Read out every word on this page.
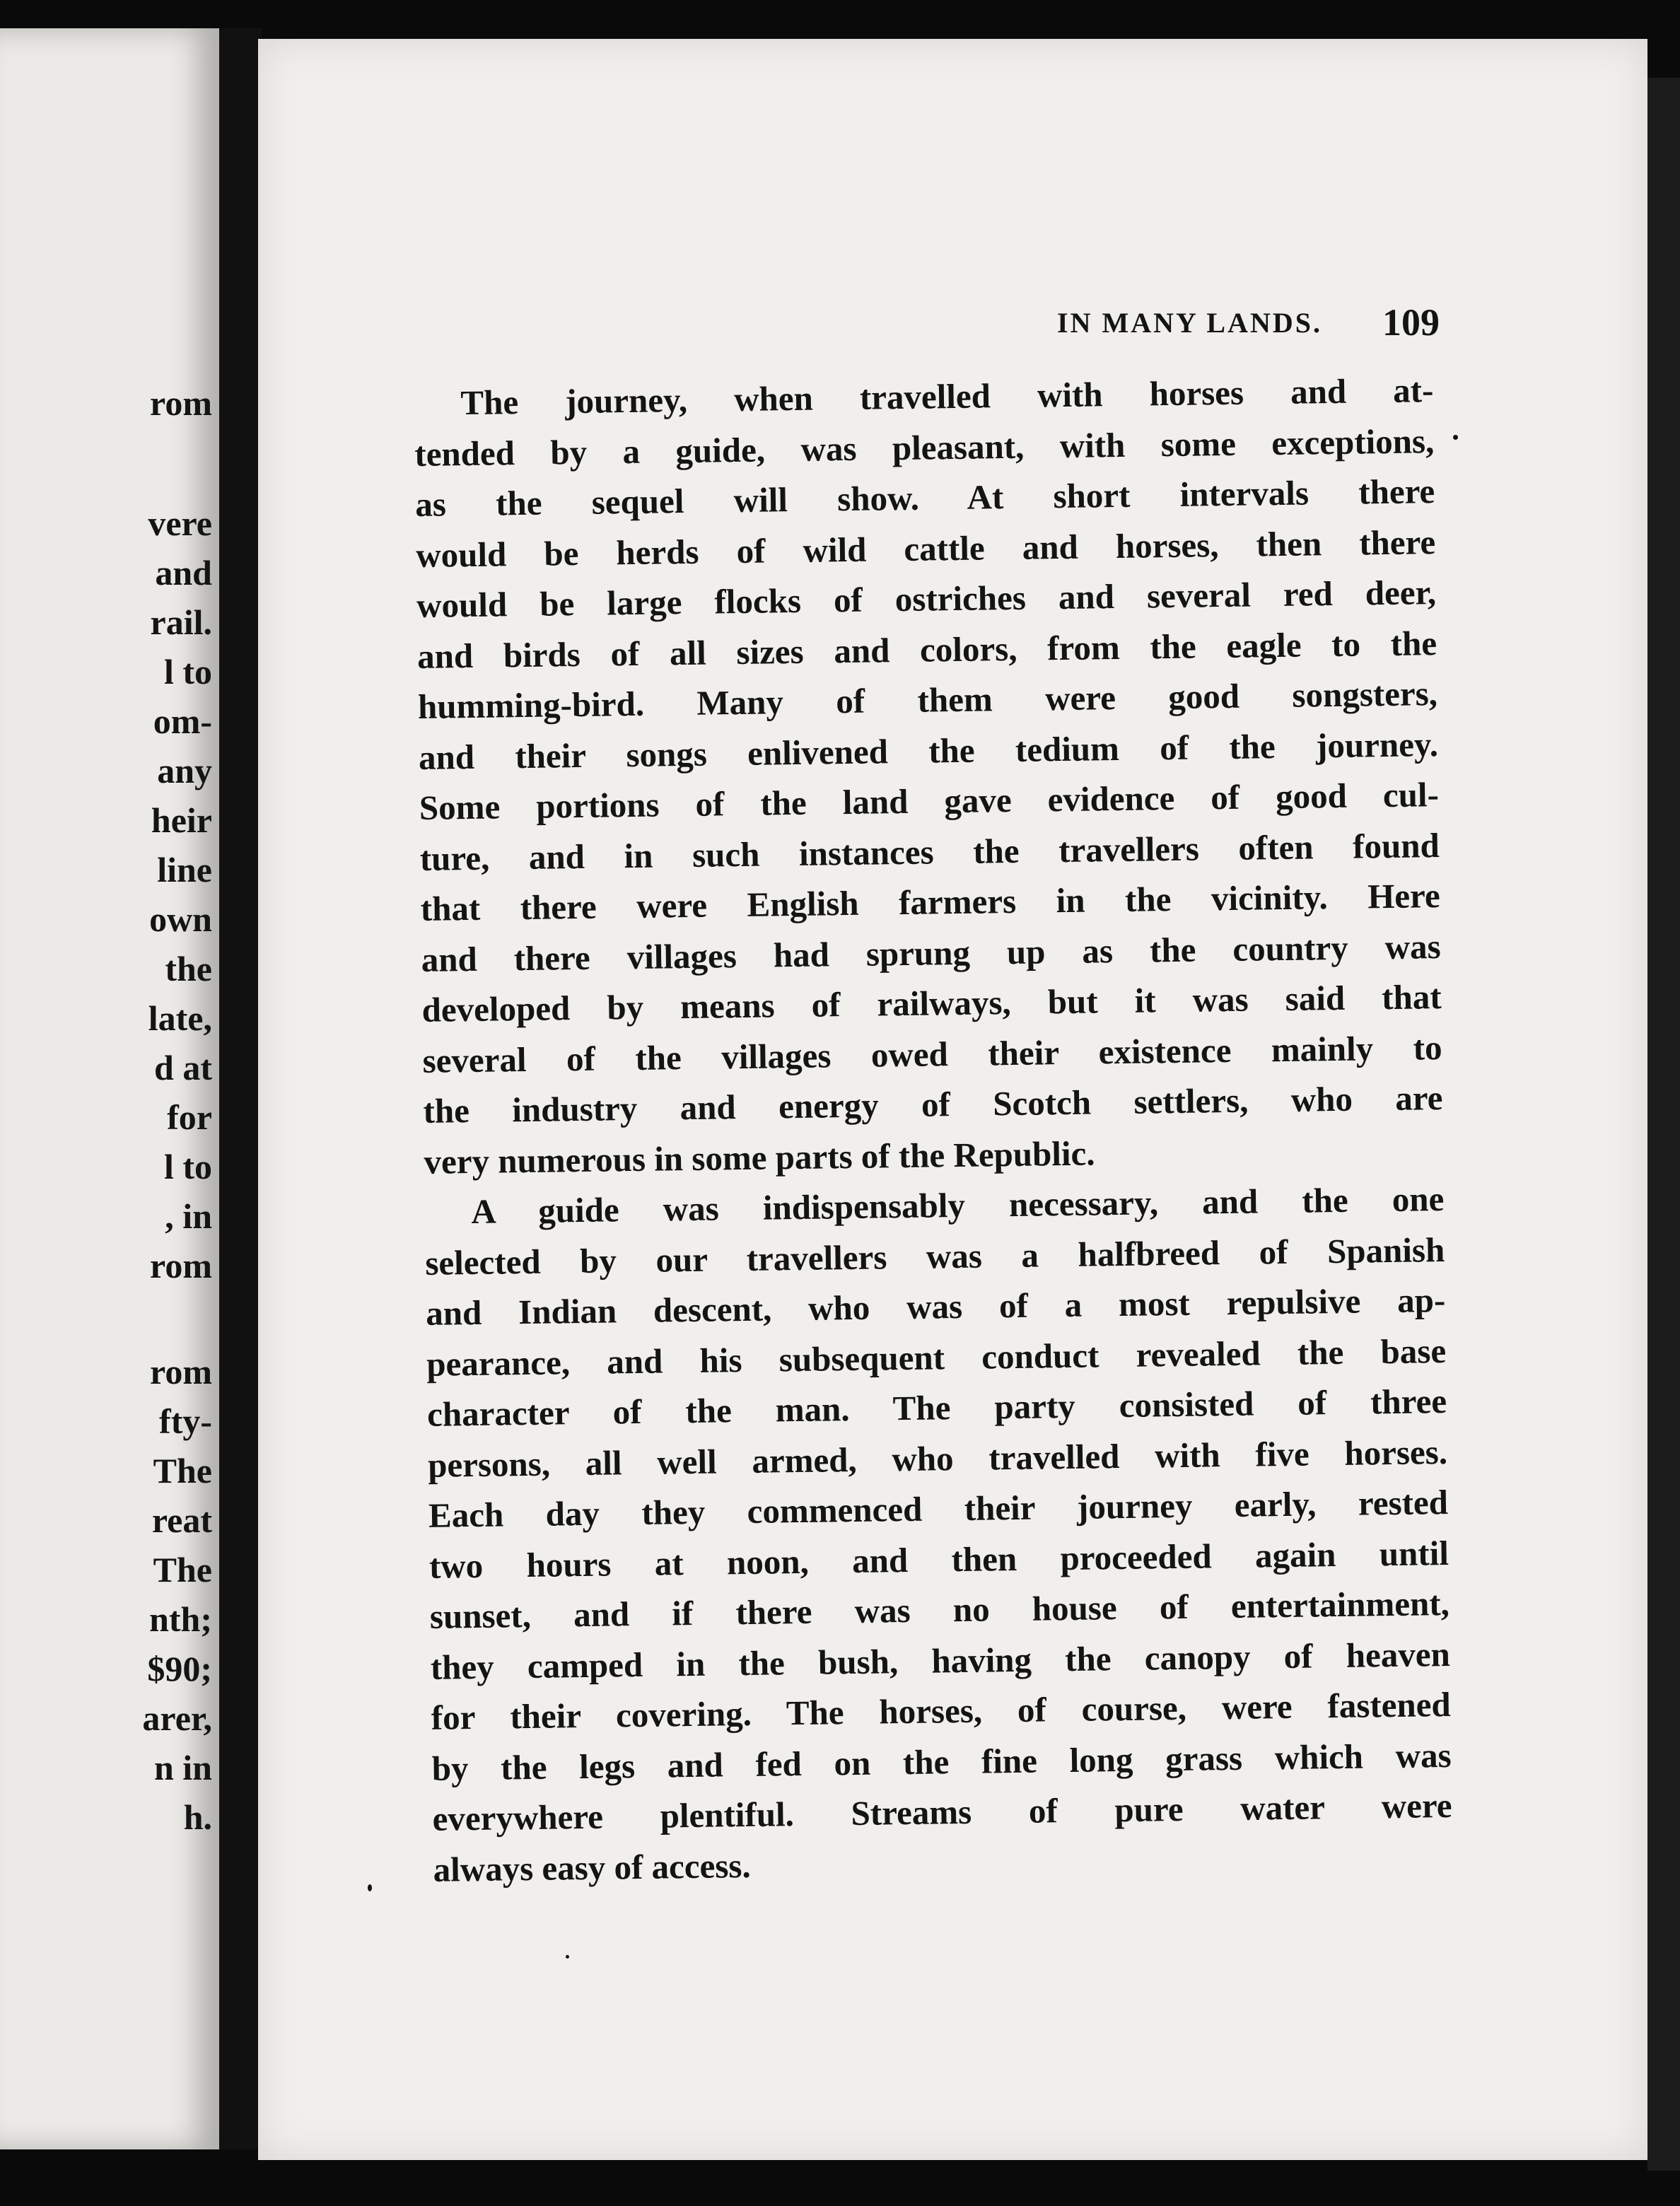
rom

vere

and

rail.

l to

om-

any

heir

line

own

the

late,

d at

for

l to

, in

rom

rom

fty-

The

reat

The

nth;

$90;

arer,

n in

h.

IN MANY LANDS. 109

The journey, when travelled with horses and at-
tended by a guide, was pleasant, with some exceptions,
as the sequel will show. At short intervals there
would be herds of wild cattle and horses, then there
would be large flocks of ostriches and several red deer,
and birds of all sizes and colors, from the eagle to the
humming-bird. Many of them were good songsters,
and their songs enlivened the tedium of the journey.
Some portions of the land gave evidence of good cul-
ture, and in such instances the travellers often found
that there were English farmers in the vicinity. Here
and there villages had sprung up as the country was
developed by means of railways, but it was said that
several of the villages owed their existence mainly to
the industry and energy of Scotch settlers, who are
very numerous in some parts of the Republic.

A guide was indispensably necessary, and the one
selected by our travellers was a halfbreed of Spanish
and Indian descent, who was of a most repulsive ap-
pearance, and his subsequent conduct revealed the base
character of the man. The party consisted of three
persons, all well armed, who travelled with five horses.
Each day they commenced their journey early, rested
two hours at noon, and then proceeded again until
sunset, and if there was no house of entertainment,
they camped in the bush, having the canopy of heaven
for their covering. The horses, of course, were fastened
by the legs and fed on the fine long grass which was
everywhere plentiful. Streams of pure water were
always easy of access.
